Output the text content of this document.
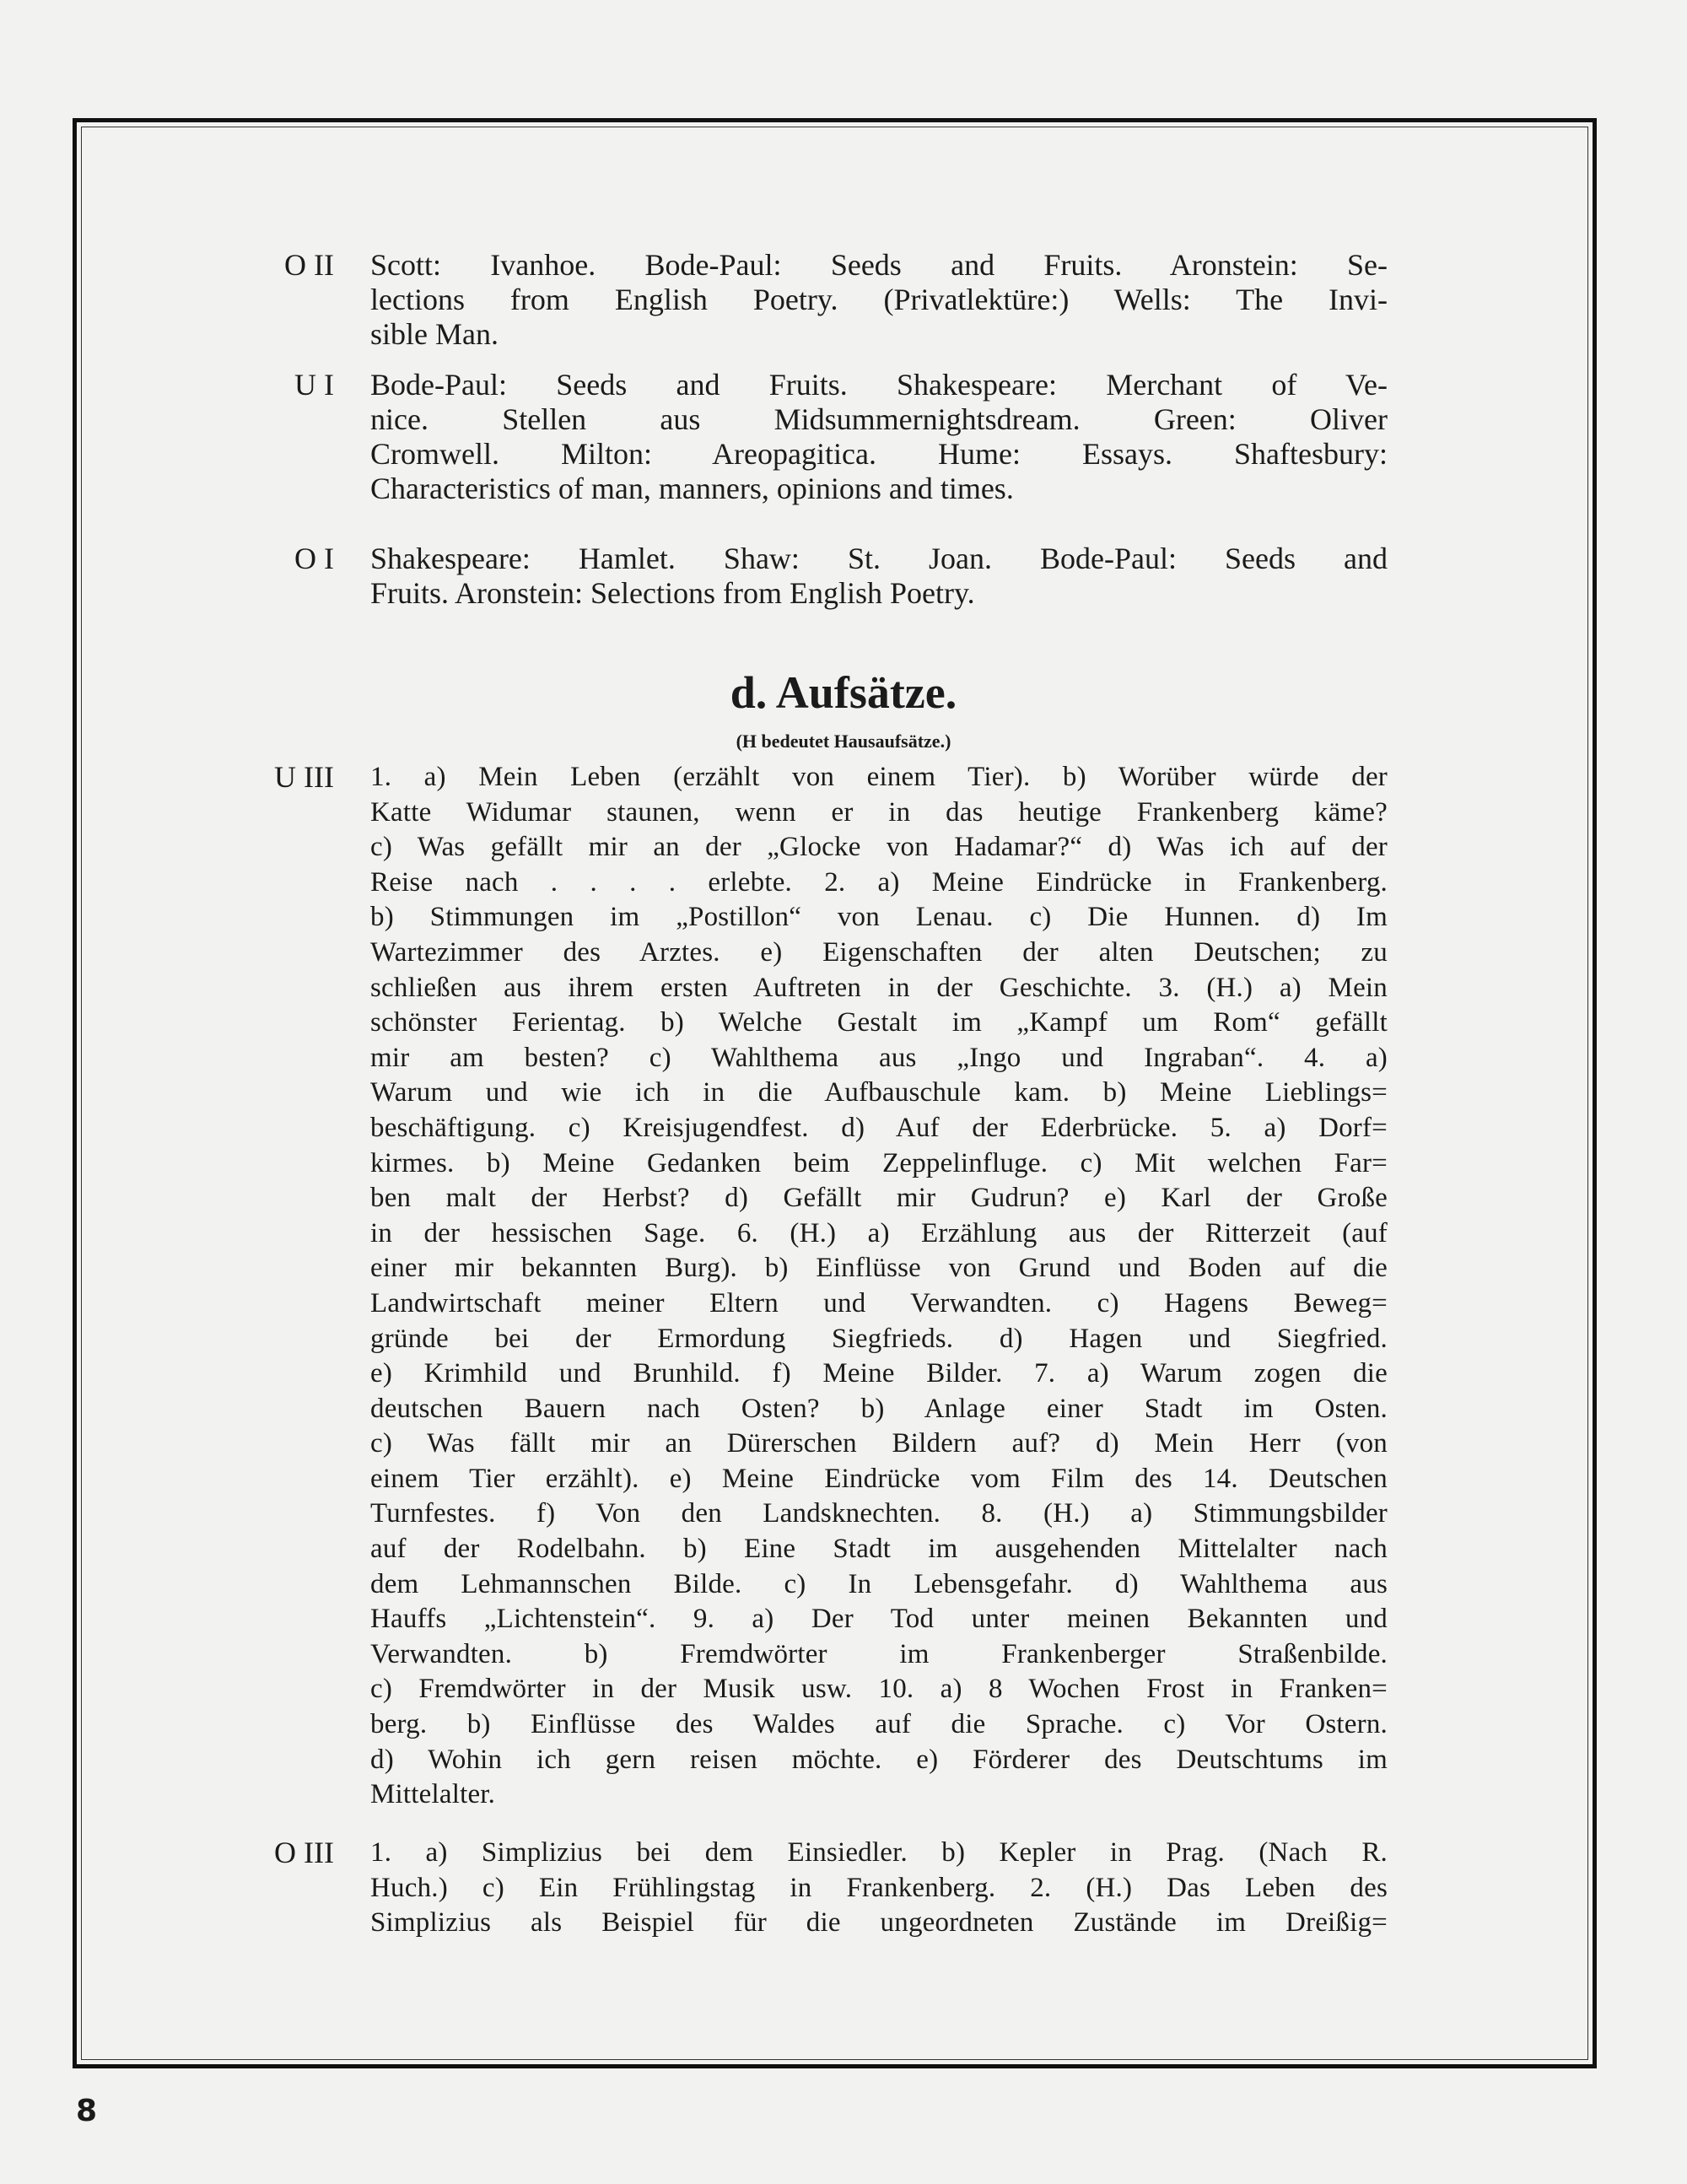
O II Scott: Ivanhoe. Bode-Paul: Seeds and Fruits. Aronstein: Se-
lections from English Poetry. (Privatlektüre:) Wells: The Invi-
sible Man.
U I Bode-Paul: Seeds and Fruits. Shakespeare: Merchant of Ve-
nice. Stellen aus Midsummernightsdream. Green: Oliver
Cromwell. Milton: Areopagitica. Hume: Essays. Shaftesbury:
Characteristics of man, manners, opinions and times.
O I Shakespeare: Hamlet. Shaw: St. Joan. Bode-Paul: Seeds and
Fruits. Aronstein: Selections from English Poetry.
d. Aufsätze.
(H bedeutet Hausaufsätze.)
U III 1. a) Mein Leben (erzählt von einem Tier). b) Worüber würde der
Katte Widumar staunen, wenn er in das heutige Frankenberg käme?
c) Was gefällt mir an der „Glocke von Hadamar?“ d) Was ich auf der
Reise nach . . . . erlebte. 2. a) Meine Eindrücke in Frankenberg.
b) Stimmungen im „Postillon“ von Lenau. c) Die Hunnen. d) Im
Wartezimmer des Arztes. e) Eigenschaften der alten Deutschen; zu
schließen aus ihrem ersten Auftreten in der Geschichte. 3. (H.) a) Mein
schönster Ferientag. b) Welche Gestalt im „Kampf um Rom“ gefällt
mir am besten? c) Wahlthema aus „Ingo und Ingraban“. 4. a)
Warum und wie ich in die Aufbauschule kam. b) Meine Lieblings=
beschäftigung. c) Kreisjugendfest. d) Auf der Ederbrücke. 5. a) Dorf=
kirmes. b) Meine Gedanken beim Zeppelinfluge. c) Mit welchen Far=
ben malt der Herbst? d) Gefällt mir Gudrun? e) Karl der Große
in der hessischen Sage. 6. (H.) a) Erzählung aus der Ritterzeit (auf
einer mir bekannten Burg). b) Einflüsse von Grund und Boden auf die
Landwirtschaft meiner Eltern und Verwandten. c) Hagens Beweg=
gründe bei der Ermordung Siegfrieds. d) Hagen und Siegfried.
e) Krimhild und Brunhild. f) Meine Bilder. 7. a) Warum zogen die
deutschen Bauern nach Osten? b) Anlage einer Stadt im Osten.
c) Was fällt mir an Dürerschen Bildern auf? d) Mein Herr (von
einem Tier erzählt). e) Meine Eindrücke vom Film des 14. Deutschen
Turnfestes. f) Von den Landsknechten. 8. (H.) a) Stimmungsbilder
auf der Rodelbahn. b) Eine Stadt im ausgehenden Mittelalter nach
dem Lehmannschen Bilde. c) In Lebensgefahr. d) Wahlthema aus
Hauffs „Lichtenstein“. 9. a) Der Tod unter meinen Bekannten und
Verwandten. b) Fremdwörter im Frankenberger Straßenbilde.
c) Fremdwörter in der Musik usw. 10. a) 8 Wochen Frost in Franken=
berg. b) Einflüsse des Waldes auf die Sprache. c) Vor Ostern.
d) Wohin ich gern reisen möchte. e) Förderer des Deutschtums im
Mittelalter.
O III 1. a) Simplizius bei dem Einsiedler. b) Kepler in Prag. (Nach R.
Huch.) c) Ein Frühlingstag in Frankenberg. 2. (H.) Das Leben des
Simplizius als Beispiel für die ungeordneten Zustände im Dreißig=
8
